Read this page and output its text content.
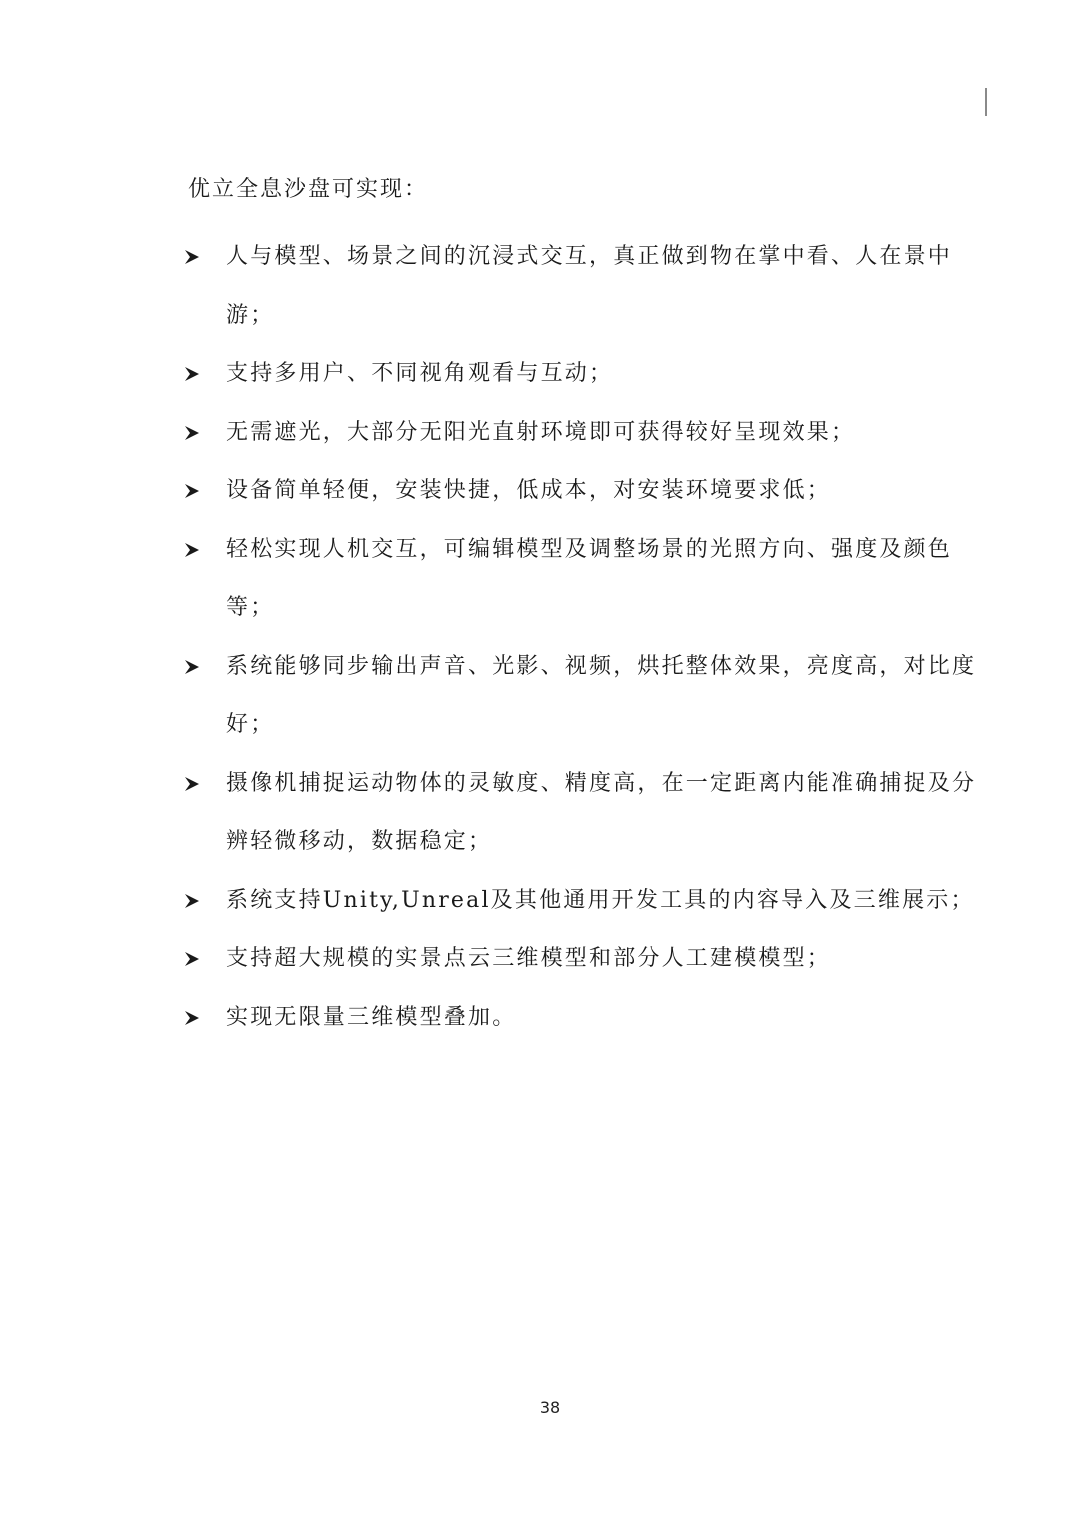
优立全息沙盘可实现：
人与模型、场景之间的沉浸式交互，真正做到物在掌中看、人在景中游；
支持多用户、不同视角观看与互动；
无需遮光，大部分无阳光直射环境即可获得较好呈现效果；
设备简单轻便，安装快捷，低成本，对安装环境要求低；
轻松实现人机交互，可编辑模型及调整场景的光照方向、强度及颜色等；
系统能够同步输出声音、光影、视频，烘托整体效果，亮度高，对比度好；
摄像机捕捉运动物体的灵敏度、精度高，在一定距离内能准确捕捉及分辨轻微移动，数据稳定；
系统支持Unity,Unreal及其他通用开发工具的内容导入及三维展示；
支持超大规模的实景点云三维模型和部分人工建模模型；
实现无限量三维模型叠加。
38
